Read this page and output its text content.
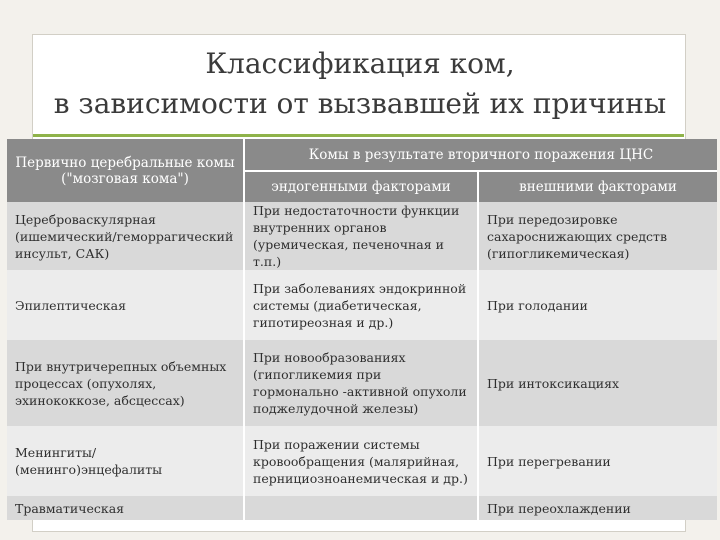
Классификация ком,
в зависимости от вызвавшей их причины
Первично церебральные комы ("мозговая кома")	Комы в результате вторичного поражения ЦНС	
	эндогенными факторами	внешними факторами
Цереброваскулярная (ишемический/геморрагический инсульт, САК)	При недостаточности функции внутренних органов (уремическая, печеночная и т.п.)	При передозировке сахароснижающих средств (гипогликемическая)
Эпилептическая	При заболеваниях эндокринной системы (диабетическая, гипотиреозная и др.)	При голодании
При внутричерепных объемных процессах (опухолях, эхинококкозе, абсцессах)	При новообразованиях (гипогликемия при гормонально -активной опухоли поджелудочной железы)	При интоксикациях
Менингиты/ (менинго)энцефалиты	При поражении системы кровообращения (малярийная, пернициозноанемическая и др.)	При перегревании
Травматическая		При переохлаждении
